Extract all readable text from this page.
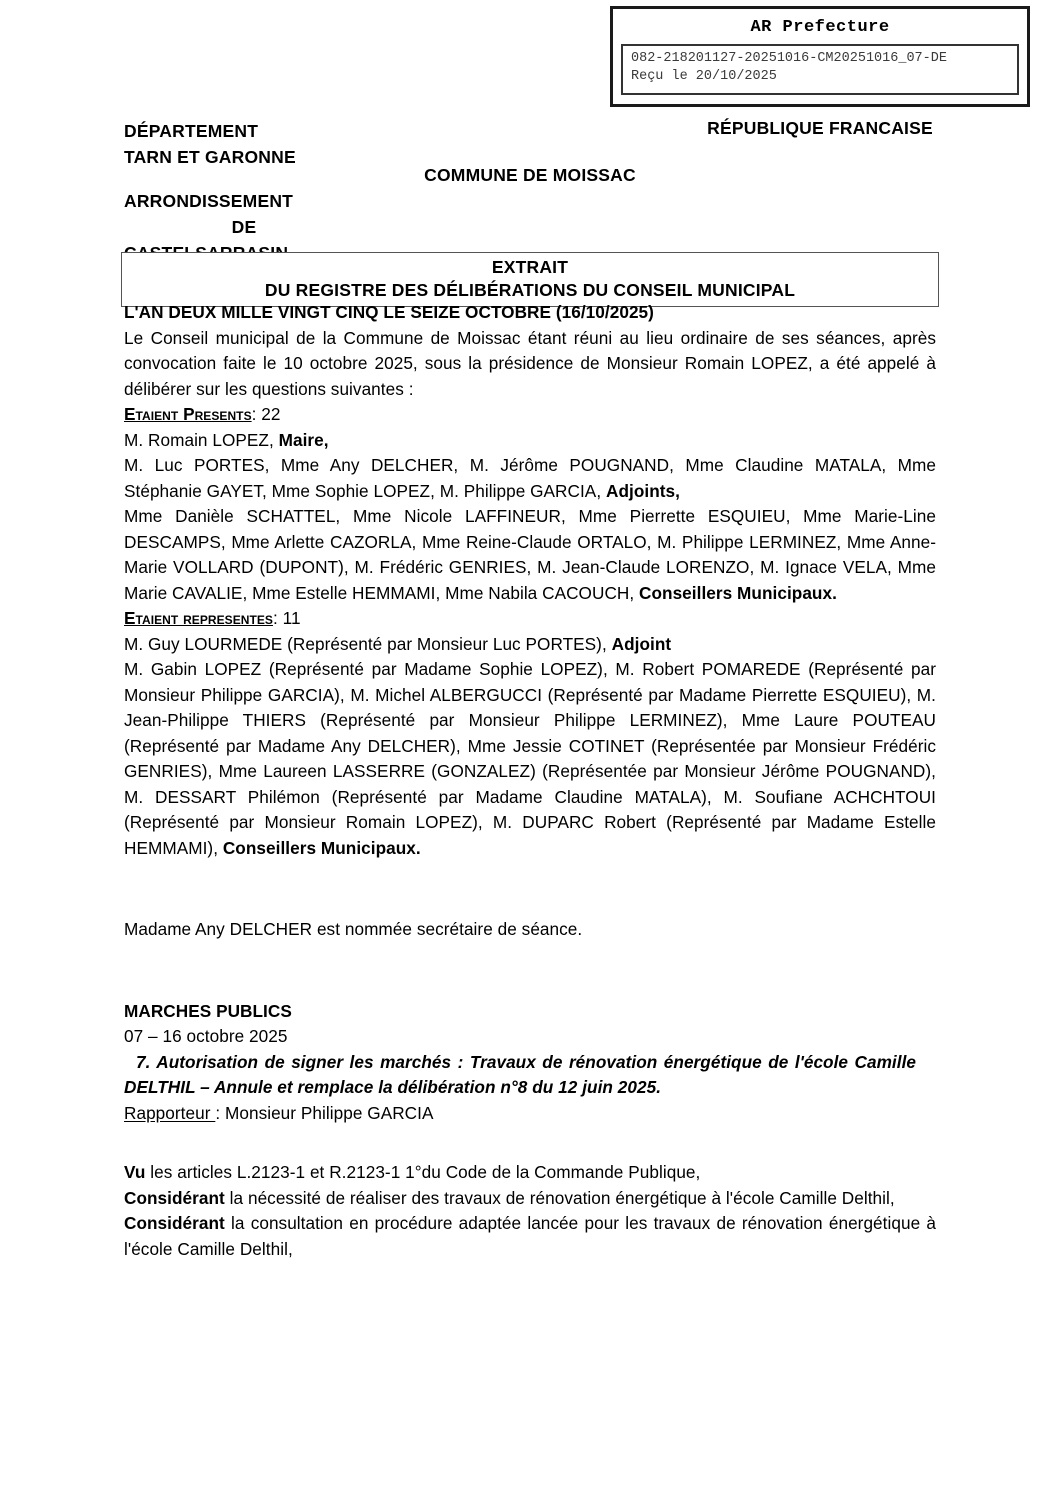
AR Prefecture
082-218201127-20251016-CM20251016_07-DE
Reçu le 20/10/2025
DÉPARTEMENT
TARN ET GARONNE
ARRONDISSEMENT
DE
RÉPUBLIQUE FRANCAISE
COMMUNE DE MOISSAC
EXTRAIT
DU REGISTRE DES DÉLIBÉRATIONS DU CONSEIL MUNICIPAL

L'AN DEUX MILLE VINGT CINQ LE SEIZE OCTOBRE (16/10/2025)

Le Conseil municipal de la Commune de Moissac étant réuni au lieu ordinaire de ses séances, après convocation faite le 10 octobre 2025, sous la présidence de Monsieur Romain LOPEZ, a été appelé à délibérer sur les questions suivantes :

Etaient Presents: 22

M. Romain LOPEZ, Maire,

M. Luc PORTES, Mme Any DELCHER, M. Jérôme POUGNAND, Mme Claudine MATALA, Mme Stéphanie GAYET, Mme Sophie LOPEZ, M. Philippe GARCIA, Adjoints,

Mme Danièle SCHATTEL, Mme Nicole LAFFINEUR, Mme Pierrette ESQUIEU, Mme Marie-Line DESCAMPS, Mme Arlette CAZORLA, Mme Reine-Claude ORTALO, M. Philippe LERMINEZ, Mme Anne-Marie VOLLARD (DUPONT), M. Frédéric GENRIES, M. Jean-Claude LORENZO, M. Ignace VELA, Mme Marie CAVALIE, Mme Estelle HEMMAMI, Mme Nabila CACOUCH, Conseillers Municipaux.

Etaient representes: 11

M. Guy LOURMEDE (Représenté par Monsieur Luc PORTES), Adjoint

M. Gabin LOPEZ (Représenté par Madame Sophie LOPEZ), M. Robert POMAREDE (Représenté par Monsieur Philippe GARCIA), M. Michel ALBERGUCCI (Représenté par Madame Pierrette ESQUIEU), M. Jean-Philippe THIERS (Représenté par Monsieur Philippe LERMINEZ), Mme Laure POUTEAU (Représenté par Madame Any DELCHER), Mme Jessie COTINET (Représentée par Monsieur Frédéric GENRIES), Mme Laureen LASSERRE (GONZALEZ) (Représentée par Monsieur Jérôme POUGNAND), M. DESSART Philémon (Représenté par Madame Claudine MATALA), M. Soufiane ACHCHTOUI (Représenté par Monsieur Romain LOPEZ), M. DUPARC Robert (Représenté par Madame Estelle HEMMAMI), Conseillers Municipaux.

Madame Any DELCHER est nommée secrétaire de séance.

MARCHES PUBLICS

07 – 16 octobre 2025

7. Autorisation de signer les marchés : Travaux de rénovation énergétique de l'école Camille DELTHIL – Annule et remplace la délibération n°8 du 12 juin 2025.

Rapporteur : Monsieur Philippe GARCIA

Vu les articles L.2123-1 et R.2123-1 1°du Code de la Commande Publique,

Considérant la nécessité de réaliser des travaux de rénovation énergétique à l'école Camille Delthil,

Considérant la consultation en procédure adaptée lancée pour les travaux de rénovation énergétique à l'école Camille Delthil,
